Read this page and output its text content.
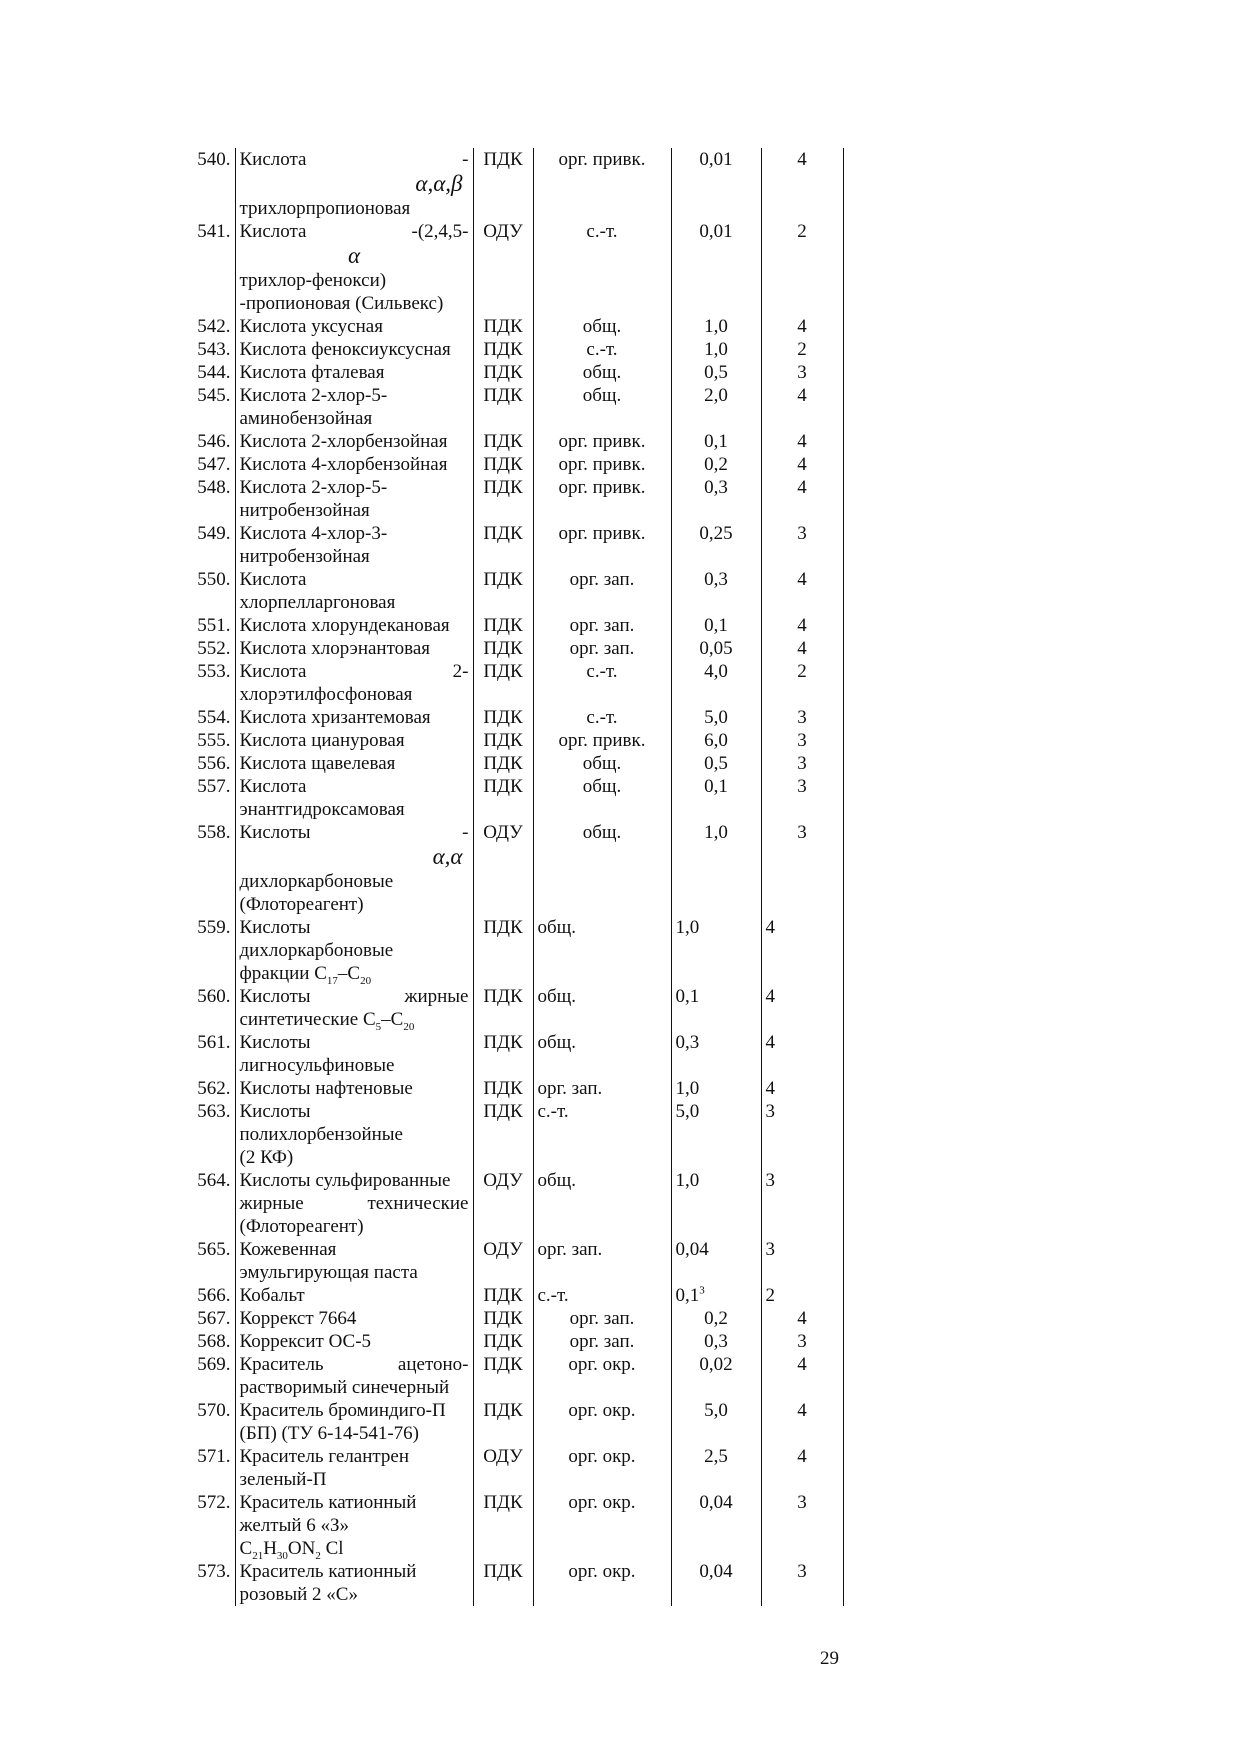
540.	Кислота -
α,α,β
трихлорпропионовая	ПДК	орг. привк.	0,01	4
541.	Кислота -(2,4,5-
α
трихлор-фенокси)
-пропионовая (Сильвекс)	ОДУ	с.-т.	0,01	2
542.	Кислота уксусная	ПДК	общ.	1,0	4
543.	Кислота феноксиуксусная	ПДК	с.-т.	1,0	2
544.	Кислота фталевая	ПДК	общ.	0,5	3
545.	Кислота 2-хлор-5-
аминобензойная	ПДК	общ.	2,0	4
546.	Кислота 2-хлорбензойная	ПДК	орг. привк.	0,1	4
547.	Кислота 4-хлорбензойная	ПДК	орг. привк.	0,2	4
548.	Кислота 2-хлор-5-
нитробензойная	ПДК	орг. привк.	0,3	4
549.	Кислота 4-хлор-3-
нитробензойная	ПДК	орг. привк.	0,25	3
550.	Кислота
хлорпелларгоновая	ПДК	орг. зап.	0,3	4
551.	Кислота хлорундекановая	ПДК	орг. зап.	0,1	4
552.	Кислота хлорэнантовая	ПДК	орг. зап.	0,05	4
553.	Кислота 2-
хлорэтилфосфоновая	ПДК	с.-т.	4,0	2
554.	Кислота хризантемовая	ПДК	с.-т.	5,0	3
555.	Кислота циануровая	ПДК	орг. привк.	6,0	3
556.	Кислота щавелевая	ПДК	общ.	0,5	3
557.	Кислота
энантгидроксамовая	ПДК	общ.	0,1	3
558.	Кислоты -
α,α
дихлоркарбоновые
(Флотореагент)	ОДУ	общ.	1,0	3
559.	Кислоты
дихлоркарбоновые
фракции $C_{17}-C_{20}$	ПДК	общ.	1,0	4
560.	Кислоты жирные
синтетические $C_5-C_{20}$	ПДК	общ.	0,1	4
561.	Кислоты
лигносульфиновые	ПДК	общ.	0,3	4
562.	Кислоты нафтеновые	ПДК	орг. зап.	1,0	4
563.	Кислоты
полихлорбензойные
(2 КФ)	ПДК	с.-т.	5,0	3
564.	Кислоты сульфированные
жирные технические
(Флотореагент)	ОДУ	общ.	1,0	3
565.	Кожевенная
эмульгирующая паста	ОДУ	орг. зап.	0,04	3
566.	Кобальт	ПДК	с.-т.	$0,1^3$	2
567.	Коррекст 7664	ПДК	орг. зап.	0,2	4
568.	Коррексит ОС-5	ПДК	орг. зап.	0,3	3
569.	Краситель ацетоно-
растворимый синечерный	ПДК	орг. окр.	0,02	4
570.	Краситель броминдиго-П
(БП) (ТУ 6-14-541-76)	ПДК	орг. окр.	5,0	4
571.	Краситель гелантрен
зеленый-П	ОДУ	орг. окр.	2,5	4
572.	Краситель катионный
желтый 6 «З»
$C_{21}H_{30}ON_2$ Cl	ПДК	орг. окр.	0,04	3
573.	Краситель катионный
розовый 2 «С»	ПДК	орг. окр.	0,04	3
29
